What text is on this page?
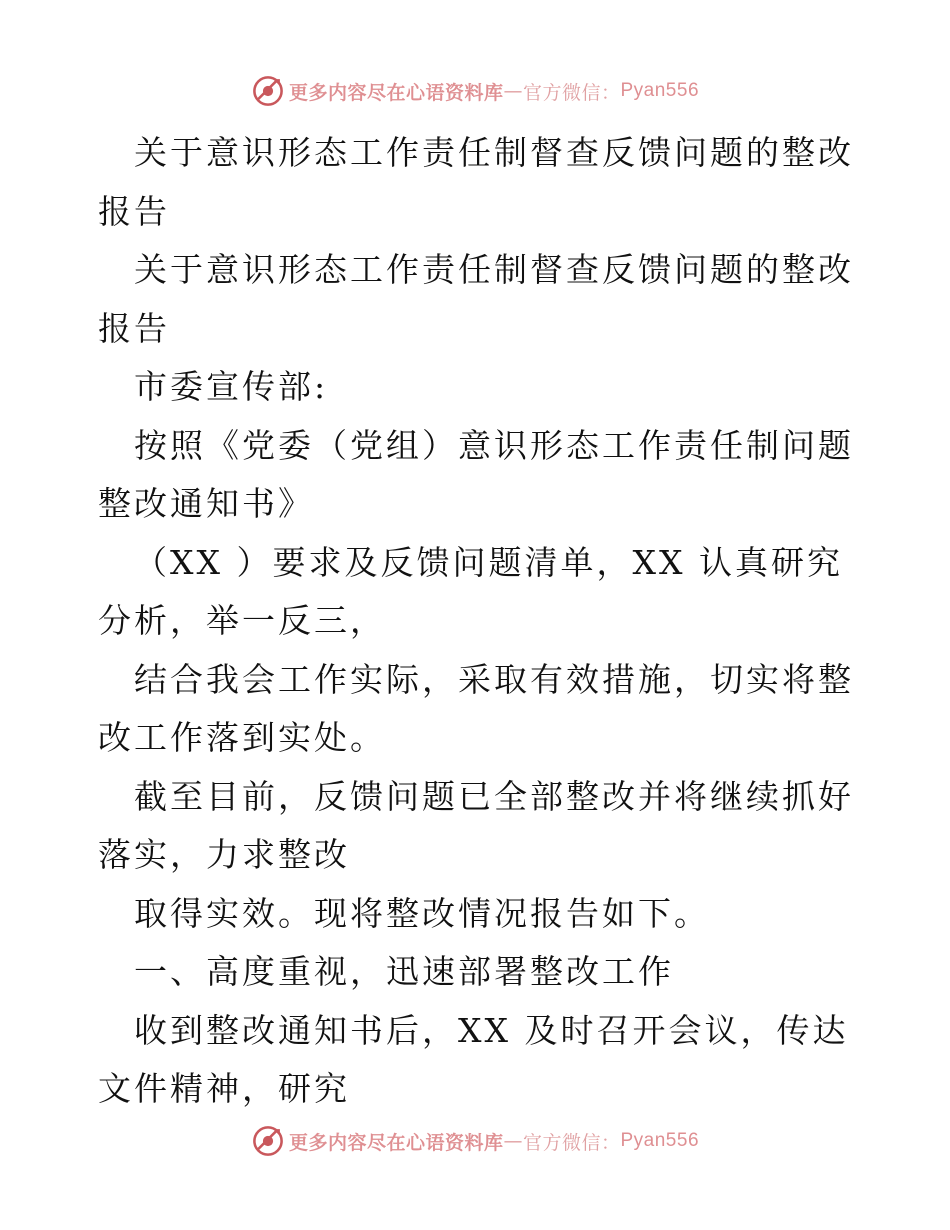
更多内容尽在心语资料库 — 官方微信： Pyan556

关于意识形态工作责任制督查反馈问题的整改报告

关于意识形态工作责任制督查反馈问题的整改报告

市委宣传部:

按照《党委（党组）意识形态工作责任制问题整改通知书》

（XX ）要求及反馈问题清单，XX 认真研究分析，举一反三，

结合我会工作实际，采取有效措施，切实将整改工作落到实处。

截至目前，反馈问题已全部整改并将继续抓好落实，力求整改

取得实效。现将整改情况报告如下。

一、高度重视，迅速部署整改工作

收到整改通知书后，XX 及时召开会议，传达文件精神，研究

更多内容尽在心语资料库 — 官方微信： Pyan556
